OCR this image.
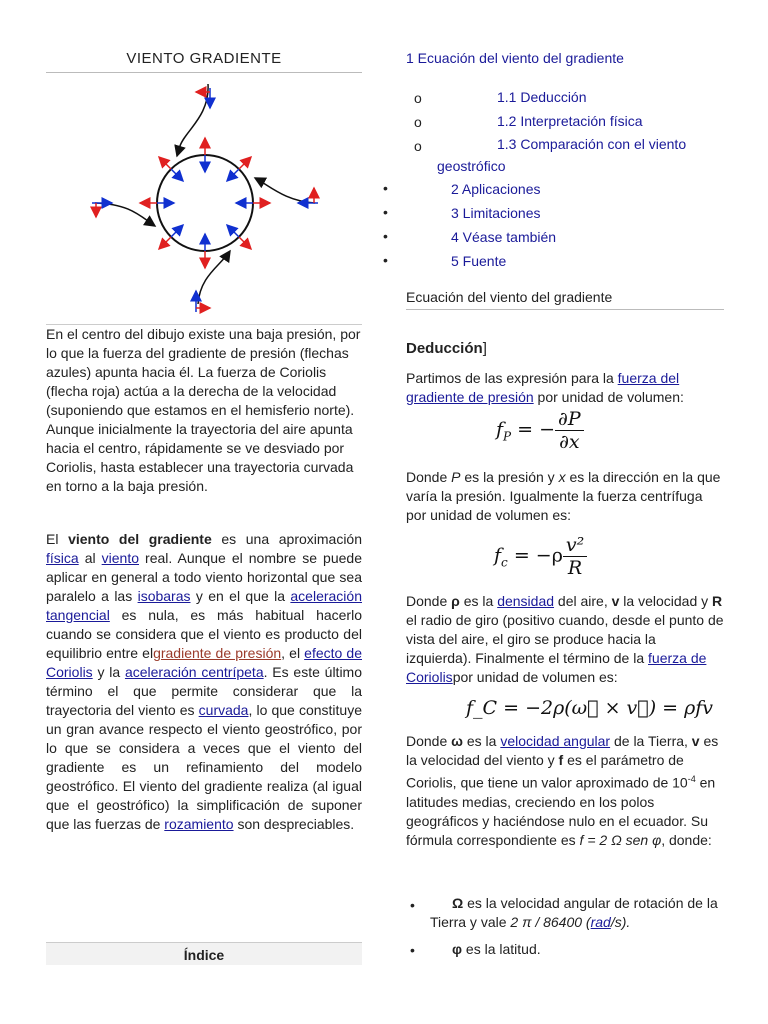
VIENTO GRADIENTE
En el centro del dibujo existe una baja presión, por lo que la fuerza del gradiente de presión (flechas azules) apunta hacia él. La fuerza de Coriolis (flecha roja) actúa a la derecha de la velocidad (suponiendo que estamos en el hemisferio norte). Aunque inicialmente la trayectoria del aire apunta hacia el centro, rápidamente se ve desviado por Coriolis, hasta establecer una trayectoria curvada en torno a la baja presión.
El viento del gradiente es una aproximación física al viento real. Aunque el nombre se puede aplicar en general a todo viento horizontal que sea paralelo a las isobaras y en el que la aceleración tangencial es nula, es más habitual hacerlo cuando se considera que el viento es producto del equilibrio entre elgradiente de presión, el efecto de Coriolis y la aceleración centrípeta. Es este último término el que permite considerar que la trayectoria del viento es curvada, lo que constituye un gran avance respecto el viento geostrófico, por lo que se considera a veces que el viento del gradiente es un refinamiento del modelo geostrófico. El viento del gradiente realiza (al igual que el geostrófico) la simplificación de suponer que las fuerzas de rozamiento son despreciables.
Índice
1 Ecuación del viento del gradiente
o	1.1 Deducción
o	1.2 Interpretación física
o	1.3 Comparación con el viento geostrófico
•	2 Aplicaciones
•	3 Limitaciones
•	4 Véase también
•	5 Fuente
Ecuación del viento del gradiente
Deducción]
Partimos de las expresión para la fuerza del gradiente de presión por unidad de volumen:
$f_P$ = − $\frac{\partial P}{\partial x}$
Donde P es la presión y x es la dirección en la que varía la presión. Igualmente la fuerza centrífuga por unidad de volumen es:
$f_c = -\rho \frac{\text{v²}}{R}$
Donde ρ es la densidad del aire, v la velocidad y R el radio de giro (positivo cuando, desde el punto de vista del aire, el giro se produce hacia la izquierda). Finalmente el término de la fuerza de Coriolispor unidad de volumen es:
f_C = −2ρ(ω⃗ × v⃗) = ρfv
Donde ω es la velocidad angular de la Tierra, v es la velocidad del viento y f es el parámetro de Coriolis, que tiene un valor aproximado de $10^{-4}$ en latitudes medias, creciendo en los polos geográficos y haciéndose nulo en el ecuador. Su fórmula correspondiente es f = 2 Ω sen φ, donde:
•	Ω es la velocidad angular de rotación de la Tierra y vale 2 π / 86400 (rad/s).
•	φ es la latitud.
